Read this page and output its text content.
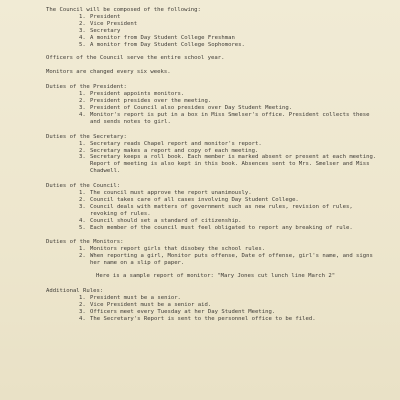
The Council will be composed of the following:

1. President
2. Vice President
3. Secretary
4. A monitor from Day Student College Freshman
5. A monitor from Day Student College Sophomores.

Officers of the Council serve the entire school year.

Monitors are changed every six weeks.

Duties of the President:

1. President appoints monitors.
2. President presides over the meeting.
3. President of Council also presides over Day Student Meeting.
4. Monitor's report is put in a box in Miss Smelser's office. President collects these and sends notes to girl.

Duties of the Secretary:

1. Secretary reads Chapel report and monitor's report.
2. Secretary makes a report and copy of each meeting.
3. Secretary keeps a roll book. Each member is marked absent or present at each meeting. Report of meeting is also kept in this book. Absences sent to Mrs. Smelser and Miss Chadwell.

Duties of the Council:

1. The council must approve the report unanimously.
2. Council takes care of all cases involving Day Student College.
3. Council deals with matters of government such as new rules, revision of rules, revoking of rules.
4. Council should set a standard of citizenship.
5. Each member of the council must feel obligated to report any breaking of rule.

Duties of the Monitors:

1. Monitors report girls that disobey the school rules.
2. When reporting a girl, Monitor puts offense, Date of offense, girl's name, and signs her name on a slip of paper.

Here is a sample report of monitor: "Mary Jones cut lunch line March 2"

Additional Rules:

1. President must be a senior.
2. Vice President must be a senior aid.
3. Officers meet every Tuesday at her Day Student Meeting.
4. The Secretary's Report is sent to the personnel office to be filed.
